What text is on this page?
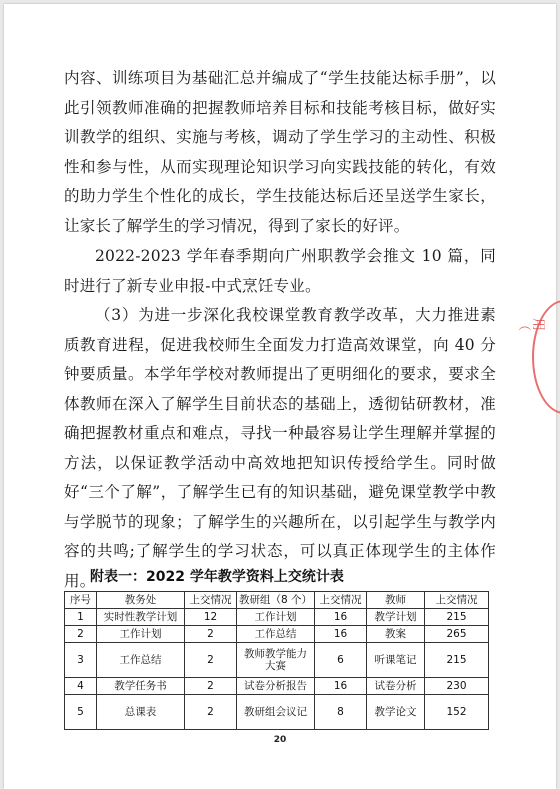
内容、训练项目为基础汇总并编成了“学生技能达标手册”，以此引领教师准确的把握教师培养目标和技能考核目标，做好实训教学的组织、实施与考核，调动了学生学习的主动性、积极性和参与性，从而实现理论知识学习向实践技能的转化，有效的助力学生个性化的成长，学生技能达标后还呈送学生家长，让家长了解学生的学习情况，得到了家长的好评。

2022-2023 学年春季期向广州职教学会推文 10 篇，同时进行了新专业申报-中式烹饪专业。

（3）为进一步深化我校课堂教育教学改革，大力推进素质教育进程，促进我校师生全面发力打造高效课堂，向 40 分钟要质量。本学年学校对教师提出了更明细化的要求，要求全体教师在深入了解学生目前状态的基础上，透彻钻研教材，准确把握教材重点和难点，寻找一种最容易让学生理解并掌握的方法，以保证教学活动中高效地把知识传授给学生。同时做好“三个了解”，了解学生已有的知识基础，避免课堂教学中教与学脱节的现象；了解学生的兴趣所在，以引起学生与教学内容的共鸣;了解学生的学习状态，可以真正体现学生的主体作用。

附表一：2022 学年教学资料上交统计表

序号	教务处	上交情况	教研组（8 个）	上交情况	教师	上交情况
1	实时性教学计划	12	工作计划	16	教学计划	215
2	工作计划	2	工作总结	16	教案	265
3	工作总结	2	教师教学能力大赛	6	听课笔记	215
4	教学任务书	2	试卷分析报告	16	试卷分析	230
5	总课表	2	教研组会议记	8	教学论文	152
20
用（
